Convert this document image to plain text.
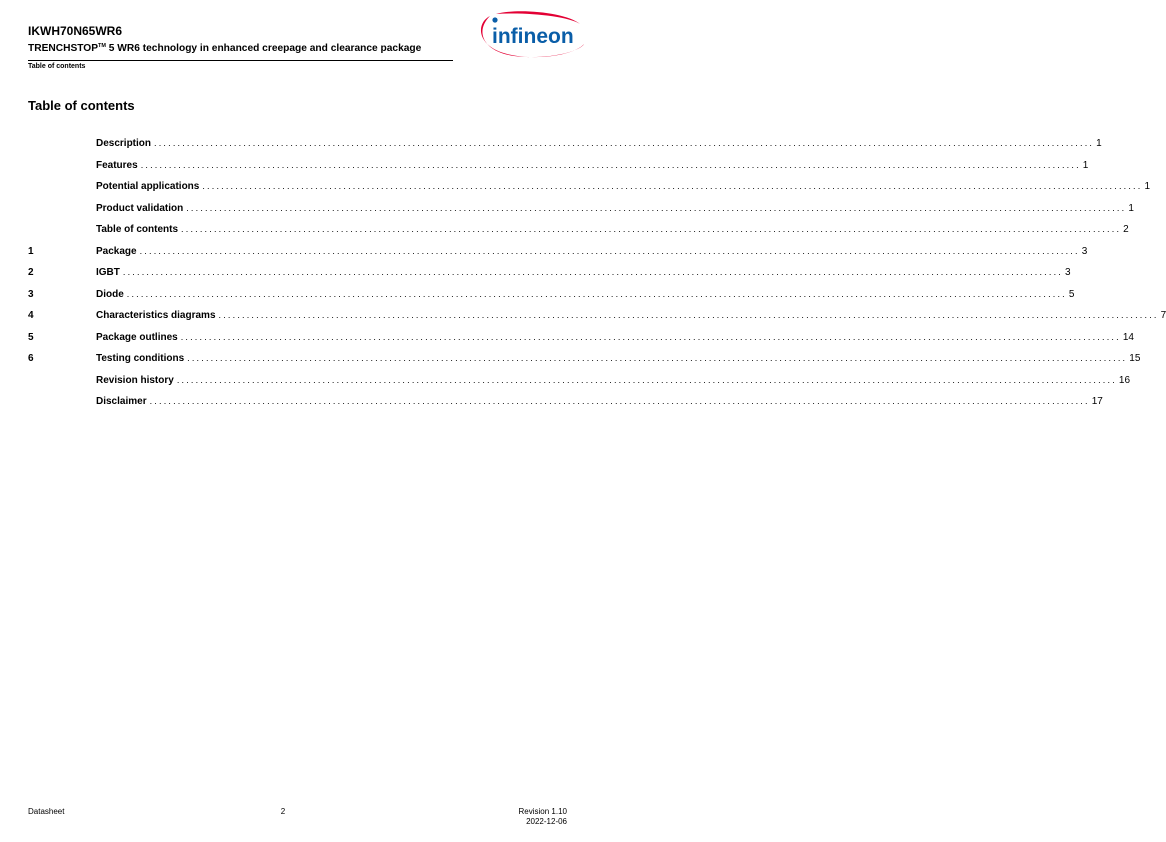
IKWH70N65WR6
TRENCHSTOP™ 5 WR6 technology in enhanced creepage and clearance package
Table of contents
infineon
Table of contents
Description ........................................................................................................................................................................................................ 1
Features ........................................................................................................................................................................................................ 1
Potential applications ........................................................................................................................................................................................................ 1
Product validation ........................................................................................................................................................................................................ 1
Table of contents ........................................................................................................................................................................................................ 2
1	Package ........................................................................................................................................................................................................ 3
2	IGBT ........................................................................................................................................................................................................ 3
3	Diode ........................................................................................................................................................................................................ 5
4	Characteristics diagrams ........................................................................................................................................................................................................ 7
5	Package outlines ........................................................................................................................................................................................................ 14
6	Testing conditions ........................................................................................................................................................................................................ 15
Revision history ........................................................................................................................................................................................................ 16
Disclaimer ........................................................................................................................................................................................................ 17
Datasheet	2	Revision 1.10
2022-12-06
